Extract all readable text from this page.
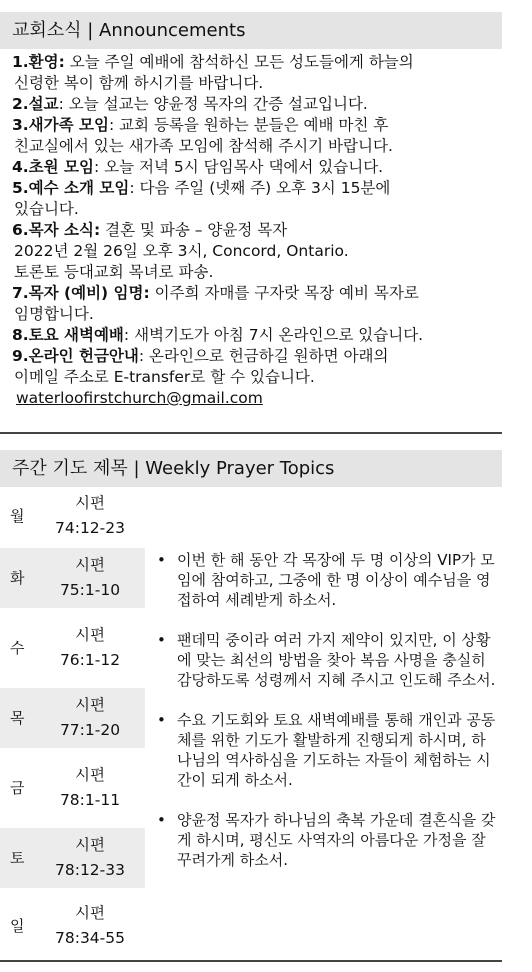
교회소식 | Announcements
1.환영: 오늘 주일 예배에 참석하신 모든 성도들에게 하늘의
신령한 복이 함께 하시기를 바랍니다.
2.설교: 오늘 설교는 양윤정 목자의 간증 설교입니다.
3.새가족 모임: 교회 등록을 원하는 분들은 예배 마친 후
친교실에서 있는 새가족 모임에 참석해 주시기 바랍니다.
4.초원 모임: 오늘 저녁 5시 담임목사 댁에서 있습니다.
5.예수 소개 모임: 다음 주일 (넷째 주) 오후 3시 15분에
있습니다.
6.목자 소식: 결혼 및 파송 – 양윤정 목자
2022년 2월 26일 오후 3시, Concord, Ontario.
토론토 등대교회 목녀로 파송.
7.목자 (예비) 임명: 이주희 자매를 구자랏 목장 예비 목자로
임명합니다.
8.토요 새벽예배: 새벽기도가 아침 7시 온라인으로 있습니다.
9.온라인 헌금안내: 온라인으로 헌금하길 원하면 아래의
이메일 주소로 E-transfer로 할 수 있습니다.
waterloofirstchurch@gmail.com
주간 기도 제목 | Weekly Prayer Topics
월
시편
74:12-23
화
시편
75:1-10
수
시편
76:1-12
목
시편
77:1-20
금
시편
78:1-11
토
시편
78:12-33
일
시편
78:34-55
• 이번 한 해 동안 각 목장에 두 명 이상의 VIP가 모임에 참여하고, 그중에 한 명 이상이 예수님을 영접하여 세례받게 하소서.
• 팬데믹 중이라 여러 가지 제약이 있지만, 이 상황에 맞는 최선의 방법을 찾아 복음 사명을 충실히 감당하도록 성령께서 지혜 주시고 인도해 주소서.
• 수요 기도회와 토요 새벽예배를 통해 개인과 공동체를 위한 기도가 활발하게 진행되게 하시며, 하나님의 역사하심을 기도하는 자들이 체험하는 시간이 되게 하소서.
• 양윤정 목자가 하나님의 축복 가운데 결혼식을 갖게 하시며, 평신도 사역자의 아름다운 가정을 잘 꾸려가게 하소서.
